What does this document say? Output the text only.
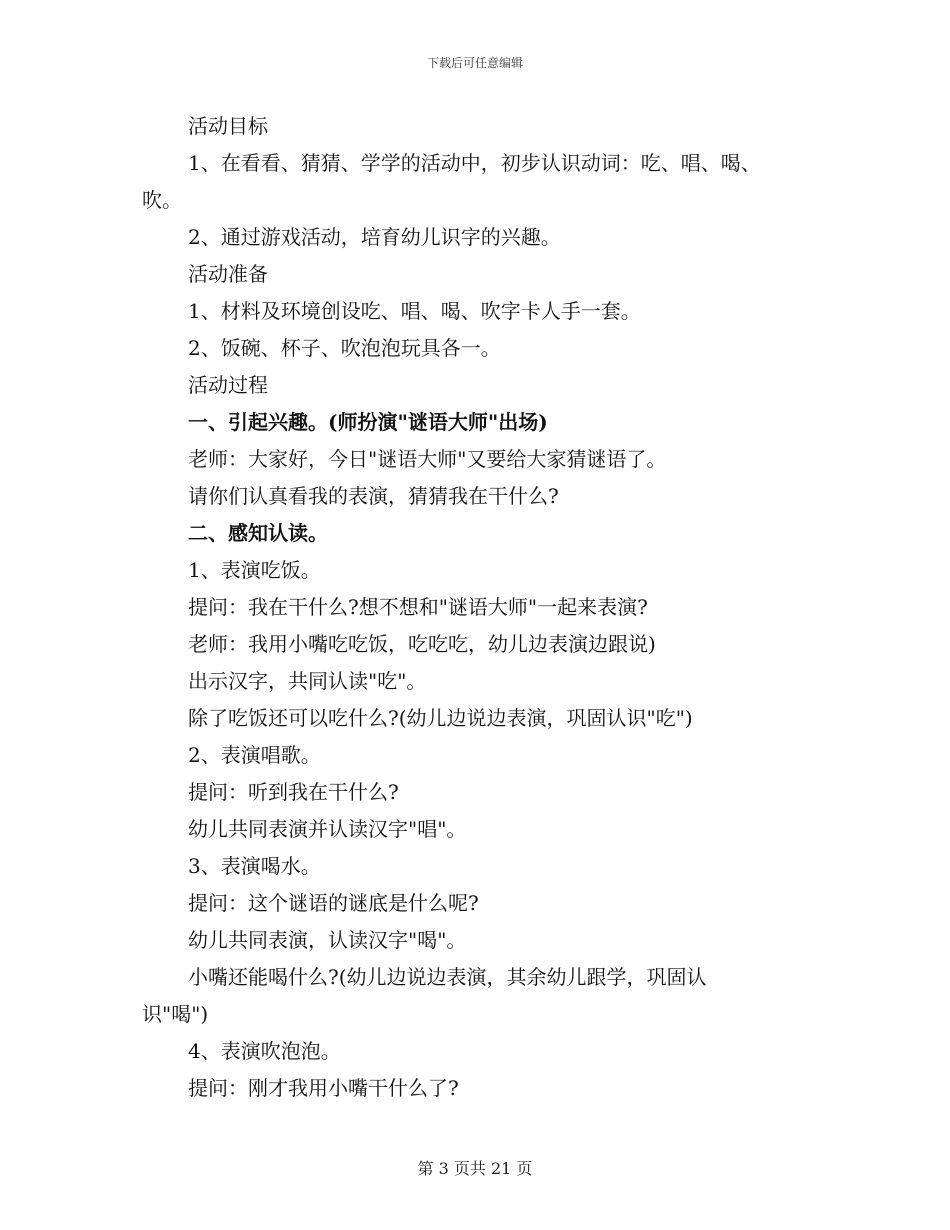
下载后可任意编辑
活动目标
1、在看看、猜猜、学学的活动中，初步认识动词：吃、唱、喝、
吹。
2、通过游戏活动，培育幼儿识字的兴趣。
活动准备
1、材料及环境创设吃、唱、喝、吹字卡人手一套。
2、饭碗、杯子、吹泡泡玩具各一。
活动过程
一、引起兴趣。(师扮演"谜语大师"出场)
老师：大家好，今日"谜语大师"又要给大家猜谜语了。
请你们认真看我的表演，猜猜我在干什么?
二、感知认读。
1、表演吃饭。
提问：我在干什么?想不想和"谜语大师"一起来表演?
老师：我用小嘴吃吃饭，吃吃吃，幼儿边表演边跟说)
出示汉字，共同认读"吃"。
除了吃饭还可以吃什么?(幼儿边说边表演，巩固认识"吃")
2、表演唱歌。
提问：听到我在干什么?
幼儿共同表演并认读汉字"唱"。
3、表演喝水。
提问：这个谜语的谜底是什么呢?
幼儿共同表演，认读汉字"喝"。
小嘴还能喝什么?(幼儿边说边表演，其余幼儿跟学，巩固认
识"喝")
4、表演吹泡泡。
提问：刚才我用小嘴干什么了?
第 3 页共 21 页
